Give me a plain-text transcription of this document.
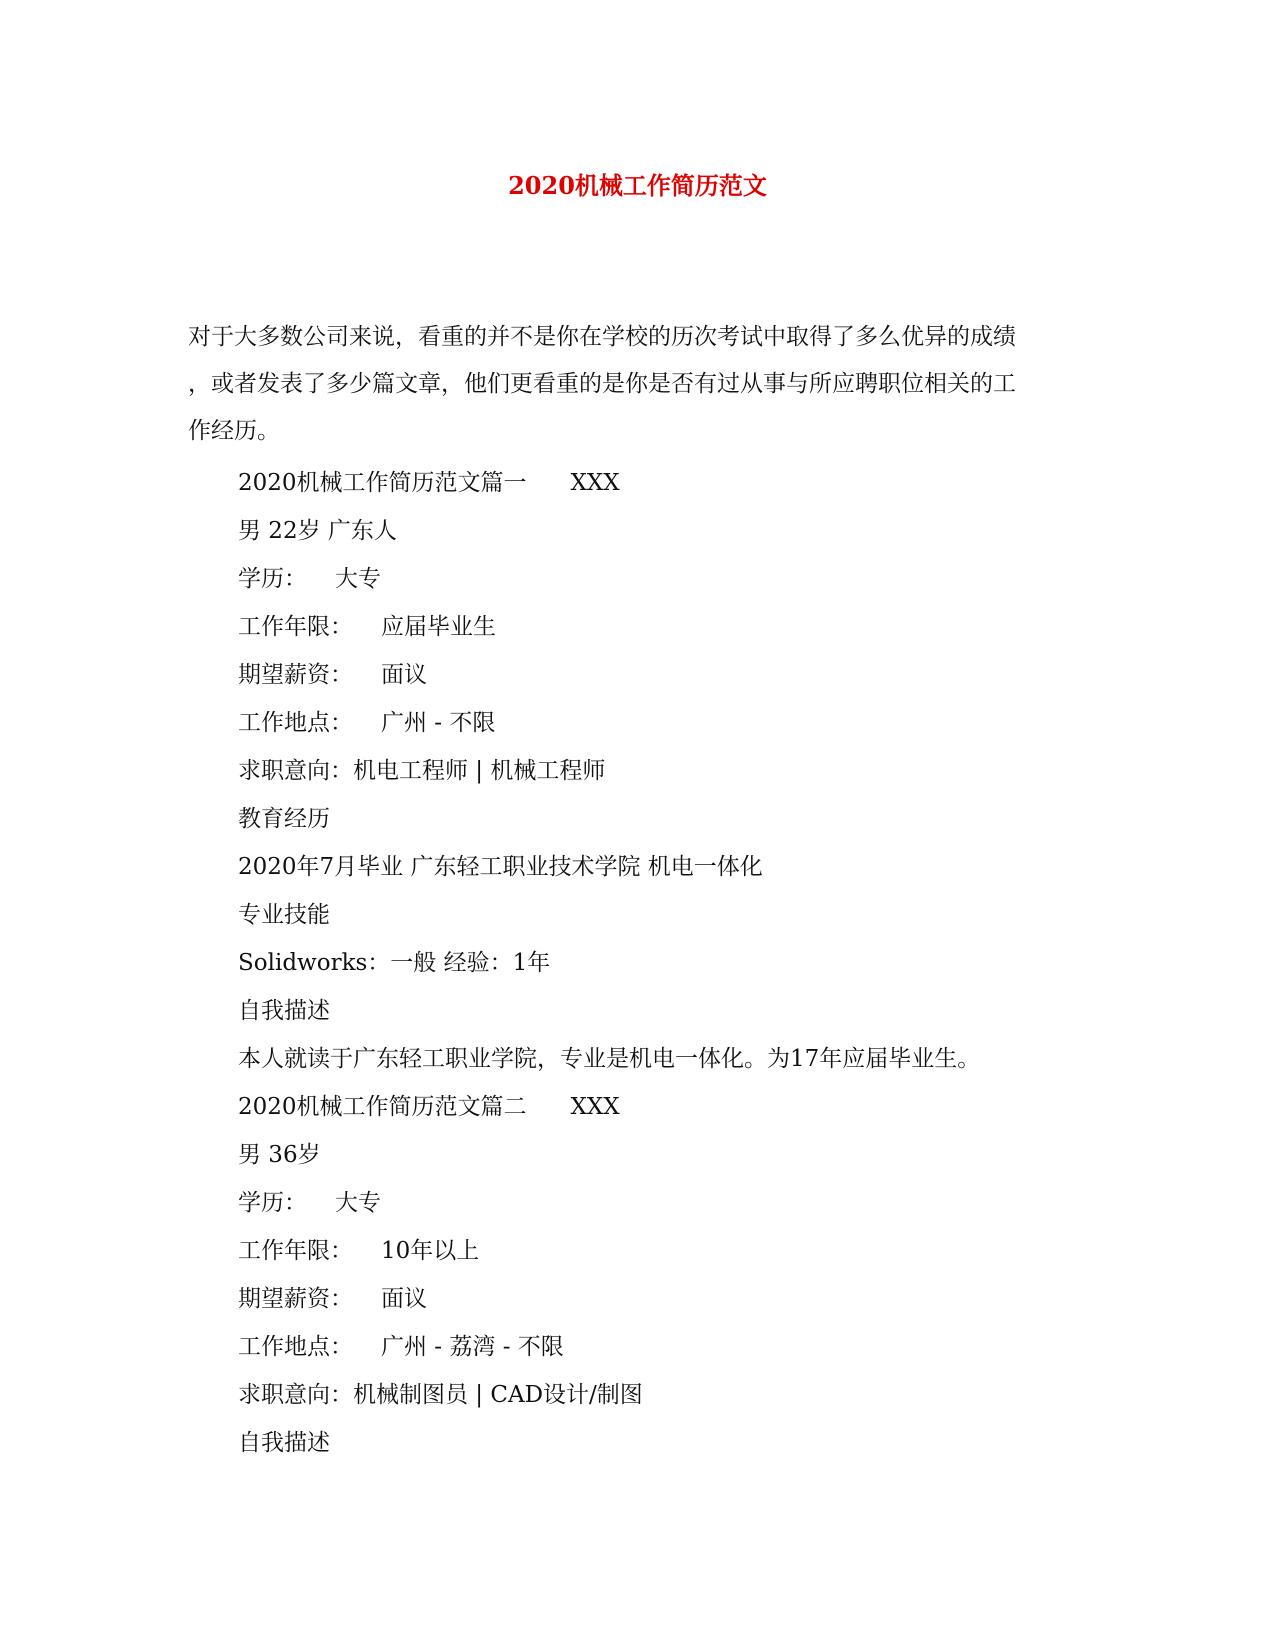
2020机械工作简历范文
对于大多数公司来说，看重的并不是你在学校的历次考试中取得了多么优异的成绩
，或者发表了多少篇文章，他们更看重的是你是否有过从事与所应聘职位相关的工
作经历。
2020机械工作简历范文篇一 XXX
男 22岁 广东人
学历： 大专
工作年限： 应届毕业生
期望薪资： 面议
工作地点： 广州 - 不限
求职意向：机电工程师 | 机械工程师
教育经历
2020年7月毕业 广东轻工职业技术学院 机电一体化
专业技能
Solidworks：一般 经验：1年
自我描述
本人就读于广东轻工职业学院，专业是机电一体化。为17年应届毕业生。
2020机械工作简历范文篇二 XXX
男 36岁
学历： 大专
工作年限： 10年以上
期望薪资： 面议
工作地点： 广州 - 荔湾 - 不限
求职意向：机械制图员 | CAD设计/制图
自我描述
